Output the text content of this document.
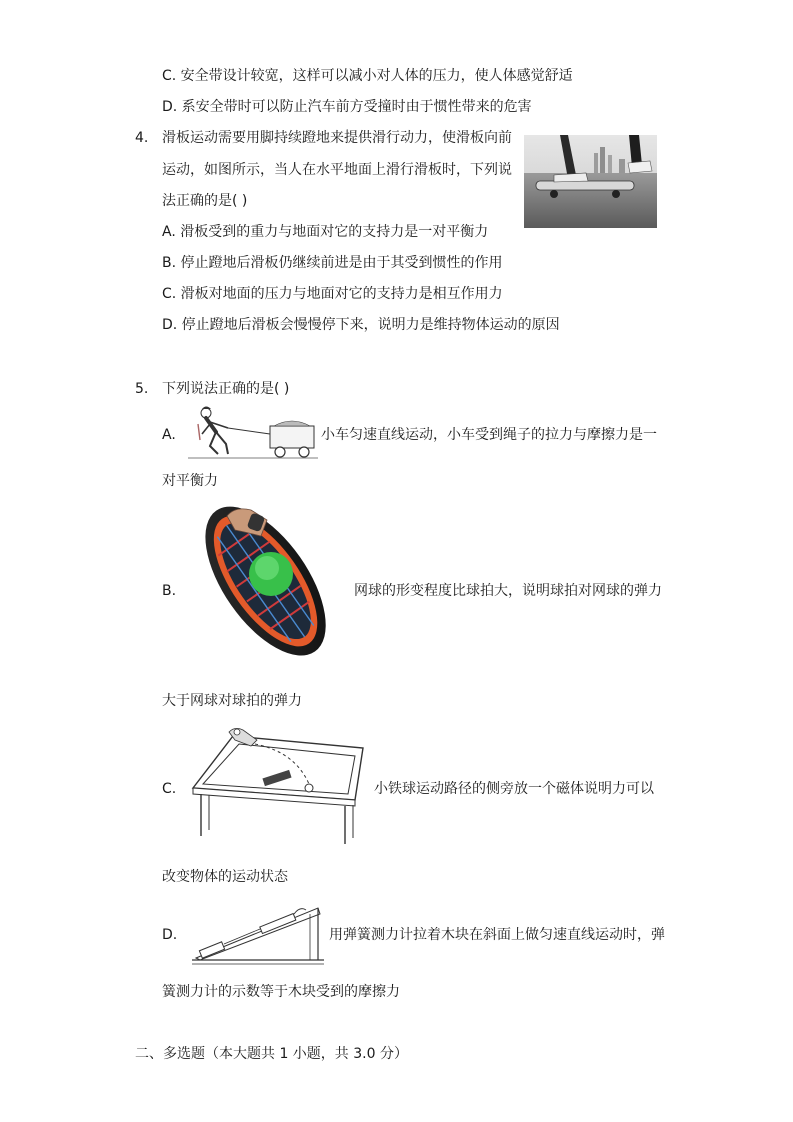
C. 安全带设计较宽，这样可以减小对人体的压力，使人体感觉舒适
D. 系安全带时可以防止汽车前方受撞时由于惯性带来的危害
4. 滑板运动需要用脚持续蹬地来提供滑行动力，使滑板向前
运动，如图所示，当人在水平地面上滑行滑板时，下列说
法正确的是( )
A. 滑板受到的重力与地面对它的支持力是一对平衡力
B. 停止蹬地后滑板仍继续前进是由于其受到惯性的作用
C. 滑板对地面的压力与地面对它的支持力是相互作用力
D. 停止蹬地后滑板会慢慢停下来，说明力是维持物体运动的原因
5. 下列说法正确的是( )
A.	小车匀速直线运动，小车受到绳子的拉力与摩擦力是一
对平衡力
B.	网球的形变程度比球拍大，说明球拍对网球的弹力
大于网球对球拍的弹力
C.	小铁球运动路径的侧旁放一个磁体说明力可以
改变物体的运动状态
D.	用弹簧测力计拉着木块在斜面上做匀速直线运动时，弹
簧测力计的示数等于木块受到的摩擦力
二、多选题（本大题共 1 小题，共 3.0 分）
